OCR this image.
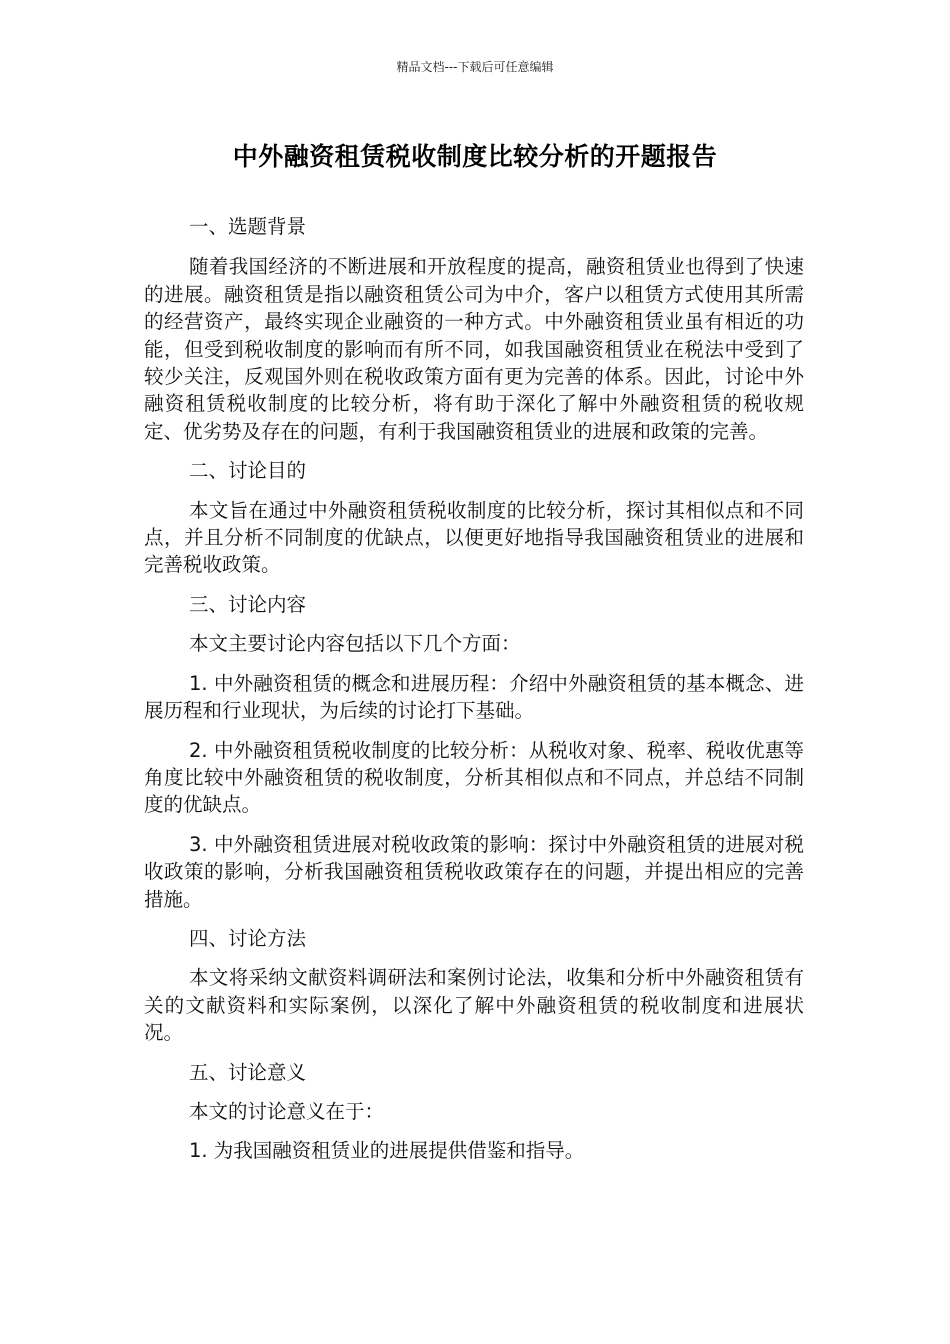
精品文档---下载后可任意编辑
中外融资租赁税收制度比较分析的开题报告
一、选题背景
随着我国经济的不断进展和开放程度的提高，融资租赁业也得到了快速的进展。融资租赁是指以融资租赁公司为中介，客户以租赁方式使用其所需的经营资产，最终实现企业融资的一种方式。中外融资租赁业虽有相近的功能，但受到税收制度的影响而有所不同，如我国融资租赁业在税法中受到了较少关注，反观国外则在税收政策方面有更为完善的体系。因此，讨论中外融资租赁税收制度的比较分析，将有助于深化了解中外融资租赁的税收规定、优劣势及存在的问题，有利于我国融资租赁业的进展和政策的完善。
二、讨论目的
本文旨在通过中外融资租赁税收制度的比较分析，探讨其相似点和不同点，并且分析不同制度的优缺点，以便更好地指导我国融资租赁业的进展和完善税收政策。
三、讨论内容
本文主要讨论内容包括以下几个方面：
1. 中外融资租赁的概念和进展历程：介绍中外融资租赁的基本概念、进展历程和行业现状，为后续的讨论打下基础。
2. 中外融资租赁税收制度的比较分析：从税收对象、税率、税收优惠等角度比较中外融资租赁的税收制度，分析其相似点和不同点，并总结不同制度的优缺点。
3. 中外融资租赁进展对税收政策的影响：探讨中外融资租赁的进展对税收政策的影响，分析我国融资租赁税收政策存在的问题，并提出相应的完善措施。
四、讨论方法
本文将采纳文献资料调研法和案例讨论法，收集和分析中外融资租赁有关的文献资料和实际案例，以深化了解中外融资租赁的税收制度和进展状况。
五、讨论意义
本文的讨论意义在于：
1. 为我国融资租赁业的进展提供借鉴和指导。
